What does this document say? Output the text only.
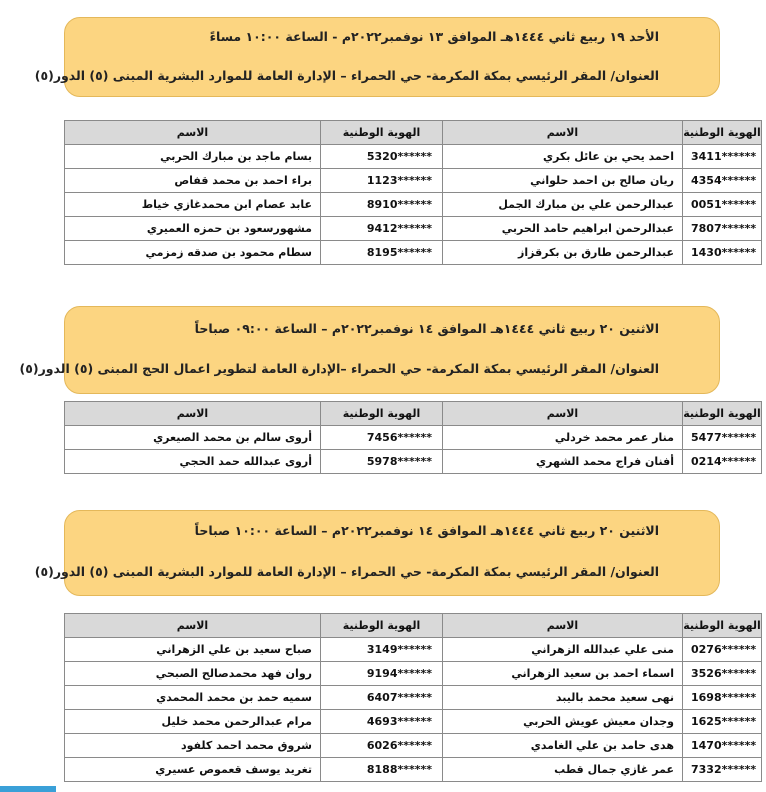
الأحد ١٩ ربيع ثاني ١٤٤٤هـ الموافق ١٣ نوفمبر٢٠٢٢م - الساعة ١٠:٠٠ مساءً
العنوان/ المقر الرئيسي بمكة المكرمة- حي الحمراء – الإدارة العامة للموارد البشرية المبنى (٥) الدور(٥)
الهوية الوطنية	الاسم	الهوية الوطنية	الاسم
3411******	احمد يحي بن عائل بكري	5320******	بسام ماجد بن مبارك الحربي
4354******	ريان صالح بن احمد حلواني	1123******	براء احمد بن محمد قفاص
0051******	عبدالرحمن علي بن مبارك الجمل	8910******	عابد عصام ابن محمدغازي خياط
7807******	عبدالرحمن ابراهيم حامد الحربي	9412******	مشهورسعود بن حمزه العميري
1430******	عبدالرحمن طارق بن بكرقزاز	8195******	سطام محمود بن صدقه زمزمي
الاثنين ٢٠ ربيع ثاني ١٤٤٤هـ الموافق ١٤ نوفمبر٢٠٢٢م – الساعة ٠٩:٠٠ صباحاً
العنوان/ المقر الرئيسي بمكة المكرمة- حي الحمراء –الإدارة العامة لتطوير اعمال الحج المبنى (٥) الدور(٥)
الهوية الوطنية	الاسم	الهوية الوطنية	الاسم
5477******	منار عمر محمد خردلي	7456******	أروى سالم بن محمد الصيعري
0214******	أفنان فراج محمد الشهري	5978******	أروى عبدالله حمد الحجي
الاثنين ٢٠ ربيع ثاني ١٤٤٤هـ الموافق ١٤ نوفمبر٢٠٢٢م – الساعة ١٠:٠٠ صباحاً
العنوان/ المقر الرئيسي بمكة المكرمة- حي الحمراء – الإدارة العامة للموارد البشرية المبنى (٥) الدور(٥)
الهوية الوطنية	الاسم	الهوية الوطنية	الاسم
0276******	منى علي عبدالله الزهراني	3149******	صباح سعيد بن علي الزهراني
3526******	اسماء احمد بن سعيد الزهراني	9194******	روان فهد محمدصالح الصبحي
1698******	نهى سعيد محمد باليبد	6407******	سميه حمد بن محمد المحمدي
1625******	وجدان معيش عويش الحربي	4693******	مرام عبدالرحمن محمد خليل
1470******	هدى حامد بن علي الغامدي	6026******	شروق محمد احمد كلفود
7332******	عمر غازي جمال قطب	8188******	تغريد يوسف قعموص عسيري
